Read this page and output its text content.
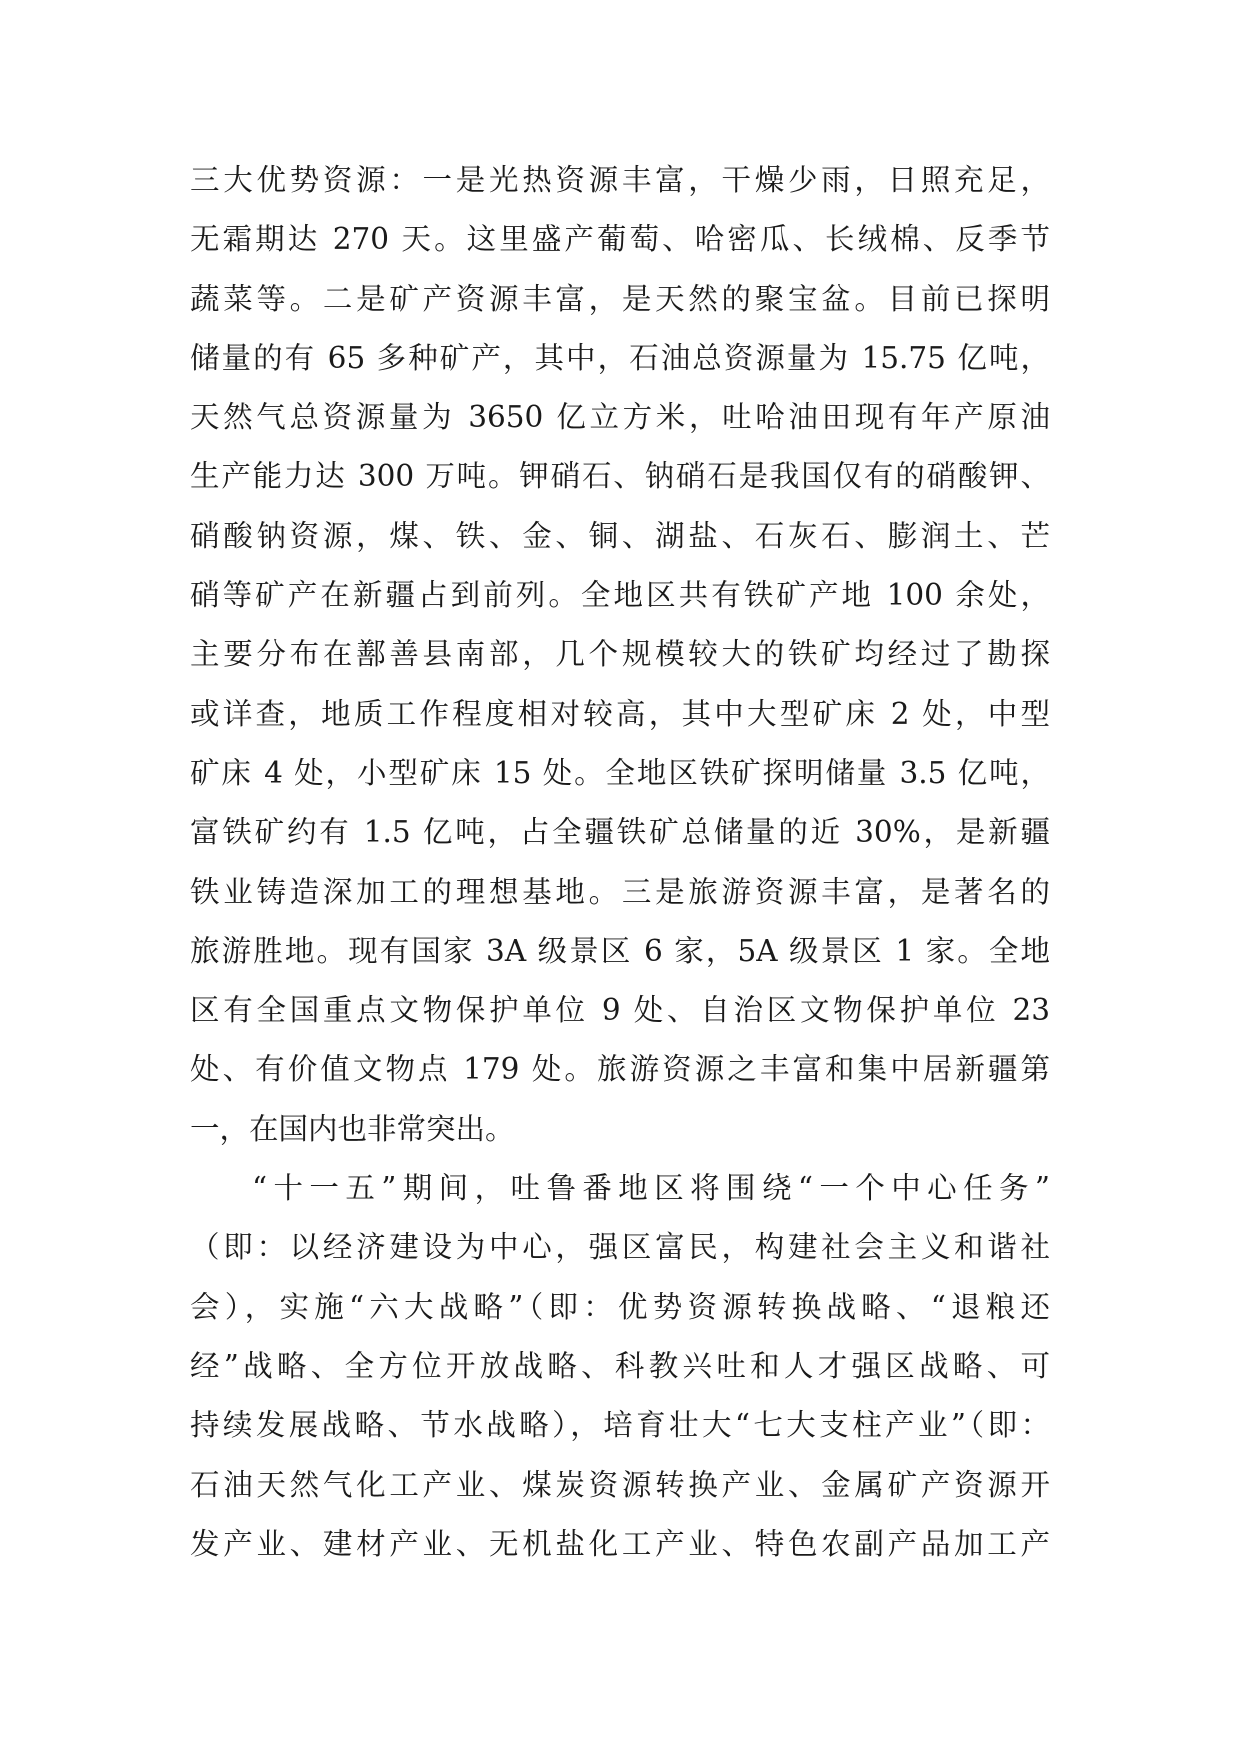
三大优势资源：一是光热资源丰富，干燥少雨，日照充足，
无霜期达 270 天。这里盛产葡萄、哈密瓜、长绒棉、反季节
蔬菜等。二是矿产资源丰富，是天然的聚宝盆。目前已探明
储量的有 65 多种矿产，其中，石油总资源量为 15.75 亿吨，
天然气总资源量为 3650 亿立方米，吐哈油田现有年产原油
生产能力达 300 万吨。钾硝石、钠硝石是我国仅有的硝酸钾、
硝酸钠资源，煤、铁、金、铜、湖盐、石灰石、膨润土、芒
硝等矿产在新疆占到前列。全地区共有铁矿产地 100 余处，
主要分布在鄯善县南部，几个规模较大的铁矿均经过了勘探
或详查，地质工作程度相对较高，其中大型矿床 2 处，中型
矿床 4 处，小型矿床 15 处。全地区铁矿探明储量 3.5 亿吨，
富铁矿约有 1.5 亿吨，占全疆铁矿总储量的近 30%，是新疆
铁业铸造深加工的理想基地。三是旅游资源丰富，是著名的
旅游胜地。现有国家 3A 级景区 6 家，5A 级景区 1 家。全地
区有全国重点文物保护单位 9 处、自治区文物保护单位 23
处、有价值文物点 179 处。旅游资源之丰富和集中居新疆第
一，在国内也非常突出。
“十一五”期间，吐鲁番地区将围绕“一个中心任务”
（即：以经济建设为中心，强区富民，构建社会主义和谐社
会），实施“六大战略”（即：优势资源转换战略、“退粮还
经”战略、全方位开放战略、科教兴吐和人才强区战略、可
持续发展战略、节水战略），培育壮大“七大支柱产业”（即：
石油天然气化工产业、煤炭资源转换产业、金属矿产资源开
发产业、建材产业、无机盐化工产业、特色农副产品加工产
